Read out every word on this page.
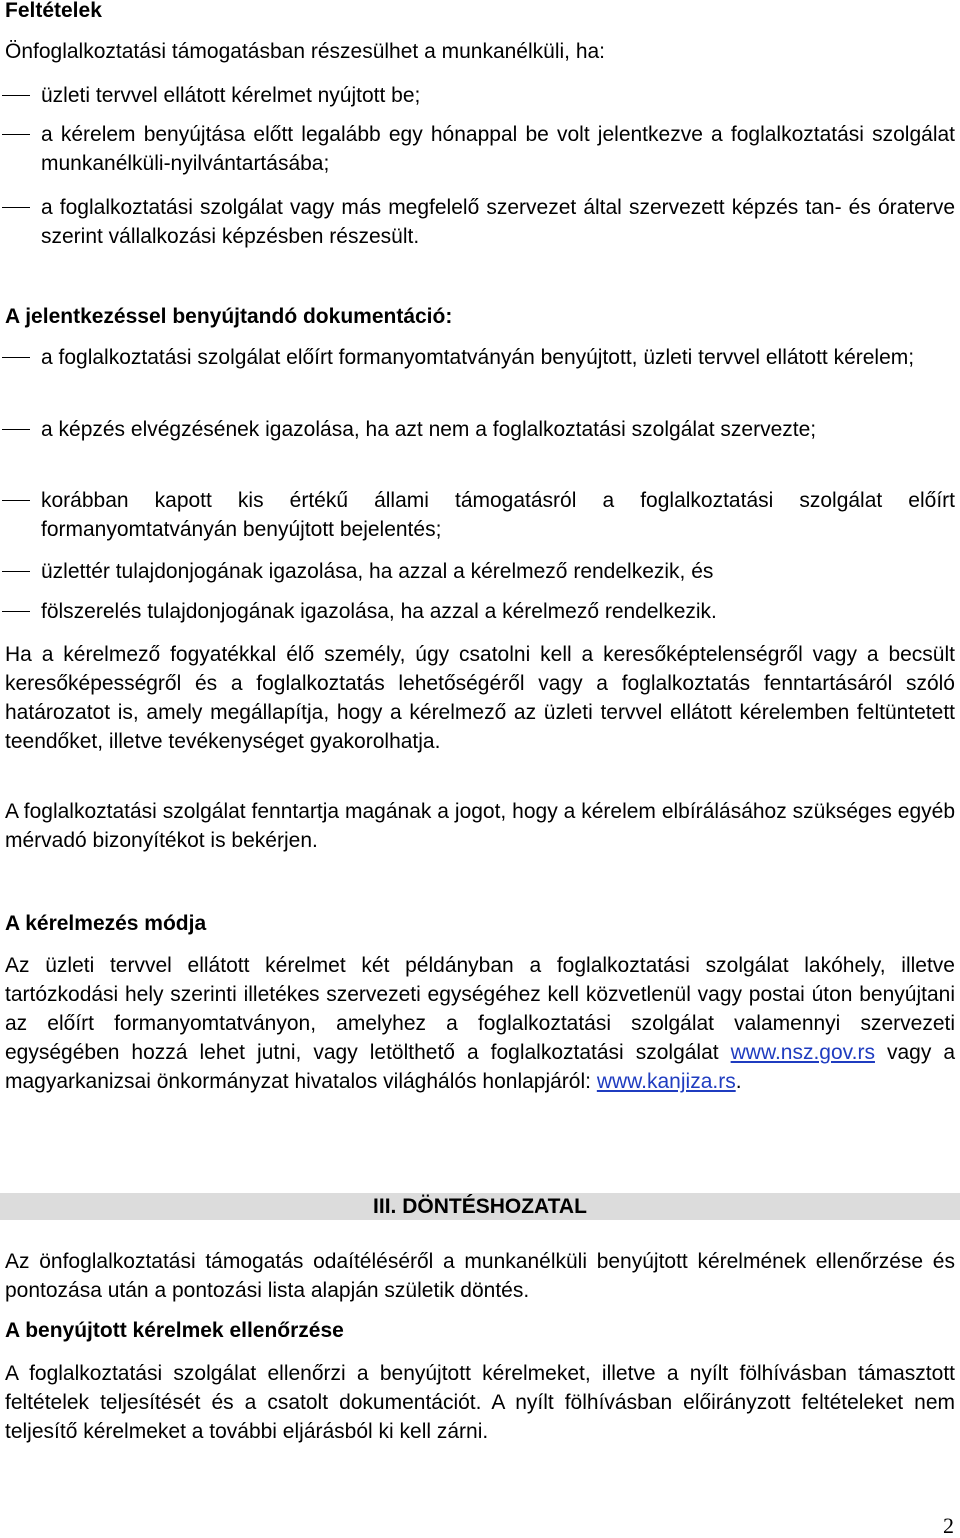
Feltételek

Önfoglalkoztatási támogatásban részesülhet a munkanélküli, ha:

üzleti tervvel ellátott kérelmet nyújtott be;

a kérelem benyújtása előtt legalább egy hónappal be volt jelentkezve a foglalkoztatási szolgálat munkanélküli-nyilvántartásába;

a foglalkoztatási szolgálat vagy más megfelelő szervezet által szervezett képzés tan- és óraterve szerint vállalkozási képzésben részesült.

A jelentkezéssel benyújtandó dokumentáció:

a foglalkoztatási szolgálat előírt formanyomtatványán benyújtott, üzleti tervvel ellátott kérelem;

a képzés elvégzésének igazolása, ha azt nem a foglalkoztatási szolgálat szervezte;

korábban kapott kis értékű állami támogatásról a foglalkoztatási szolgálat előírt formanyomtatványán benyújtott bejelentés;

üzlettér tulajdonjogának igazolása, ha azzal a kérelmező rendelkezik, és

fölszerelés tulajdonjogának igazolása, ha azzal a kérelmező rendelkezik.

Ha a kérelmező fogyatékkal élő személy, úgy csatolni kell a keresőképtelenségről vagy a becsült keresőképességről és a foglalkoztatás lehetőségéről vagy a foglalkoztatás fenntartásáról szóló határozatot is, amely megállapítja, hogy a kérelmező az üzleti tervvel ellátott kérelemben feltüntetett teendőket, illetve tevékenységet gyakorolhatja.

A foglalkoztatási szolgálat fenntartja magának a jogot, hogy a kérelem elbírálásához szükséges egyéb mérvadó bizonyítékot is bekérjen.

A kérelmezés módja

Az üzleti tervvel ellátott kérelmet két példányban a foglalkoztatási szolgálat lakóhely, illetve tartózkodási hely szerinti illetékes szervezeti egységéhez kell közvetlenül vagy postai úton benyújtani az előírt formanyomtatványon, amelyhez a foglalkoztatási szolgálat valamennyi szervezeti egységében hozzá lehet jutni, vagy letölthető a foglalkoztatási szolgálat www.nsz.gov.rs vagy a magyarkanizsai önkormányzat hivatalos világhálós honlapjáról: www.kanjiza.rs.

III. DÖNTÉSHOZATAL

Az önfoglalkoztatási támogatás odaítéléséről a munkanélküli benyújtott kérelmének ellenőrzése és pontozása után a pontozási lista alapján születik döntés.

A benyújtott kérelmek ellenőrzése

A foglalkoztatási szolgálat ellenőrzi a benyújtott kérelmeket, illetve a nyílt fölhívásban támasztott feltételek teljesítését és a csatolt dokumentációt. A nyílt fölhívásban előirányzott feltételeket nem teljesítő kérelmeket a további eljárásból ki kell zárni.

2
